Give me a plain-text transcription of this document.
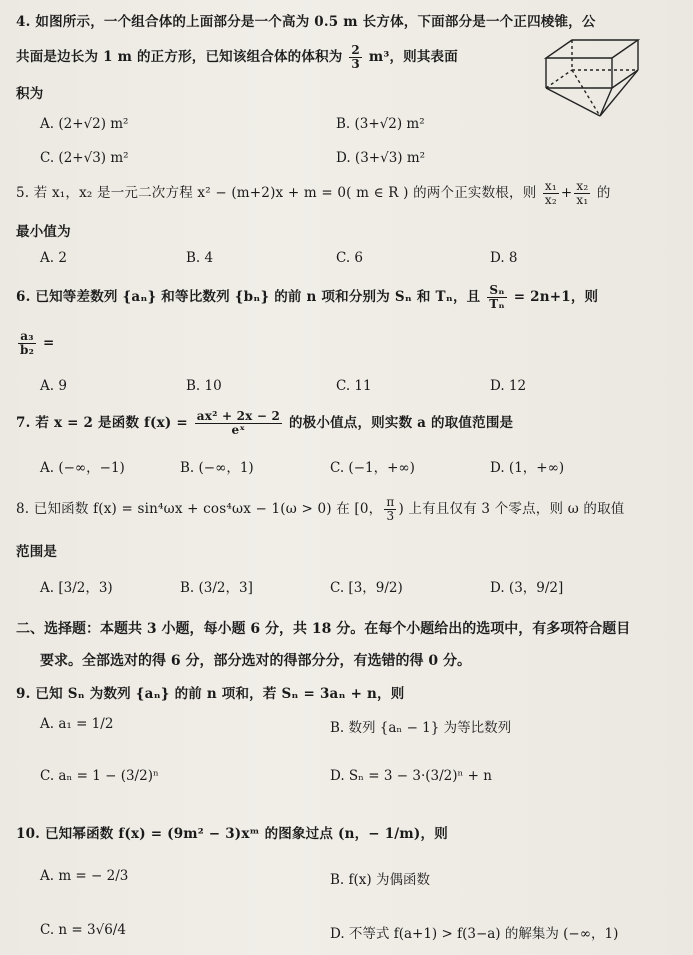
4. 如图所示，一个组合体的上面部分是一个高为 0.5 m 长方体，下面部分是一个正四棱锥，公
共面是边长为 1 m 的正方形，已知该组合体的体积为 $\frac{2}{3} m^3$，则其表面
积为
A. (2+√2) m²	B. (3+√2) m²
C. (2+√3) m²	D. (3+√3) m²
5. 若 x₁，x₂ 是一元二次方程 x² − (m+2)x + m = 0( m ∈ R ) 的两个正实数根，则 $\frac{\text{x₁}}{\text{x₂}} + \frac{\text{x₂}}{\text{x₁}}$ 的
最小值为
A. 2	B. 4	C. 6	D. 8
6. 已知等差数列 {aₙ} 和等比数列 {bₙ} 的前 n 项和分别为 Sₙ 和 Tₙ，且 $\frac{\text{Sₙ}}{\text{Tₙ}} = 2n+1$，则
$\frac{\text{a₃}}{\text{b₂}}$ =
A. 9	B. 10	C. 11	D. 12
7. 若 x = 2 是函数 $f(x) = \frac{\text{ax² + 2x − 2}}{\text{eˣ}}$ 的极小值点，则实数 a 的取值范围是
A. (−∞，−1)	B. (−∞，1)	C. (−1，+∞)	D. (1，+∞)
8. 已知函数 f(x) = sin⁴ωx + cos⁴ωx − 1(ω > 0) 在 [0， $\frac{\pi}{3}$ ) 上有且仅有 3 个零点，则 ω 的取值
范围是
A. [3/2，3)	B. (3/2，3]	C. [3，9/2)	D. (3，9/2]
二、选择题：本题共 3 小题，每小题 6 分，共 18 分。在每个小题给出的选项中，有多项符合题目
要求。全部选对的得 6 分，部分选对的得部分分，有选错的得 0 分。
9. 已知 Sₙ 为数列 {aₙ} 的前 n 项和，若 Sₙ = 3aₙ + n，则
A. a₁ = 1/2	B. 数列 {aₙ − 1} 为等比数列
C. aₙ = 1 − (3/2)ⁿ	D. Sₙ = 3 − 3·(3/2)ⁿ + n
10. 已知幂函数 f(x) = (9m² − 3)xᵐ 的图象过点 (n，− 1/m)，则
A. m = − 2/3	B. f(x) 为偶函数
C. n = 3√6/4	D. 不等式 f(a+1) > f(3−a) 的解集为 (−∞，1)
